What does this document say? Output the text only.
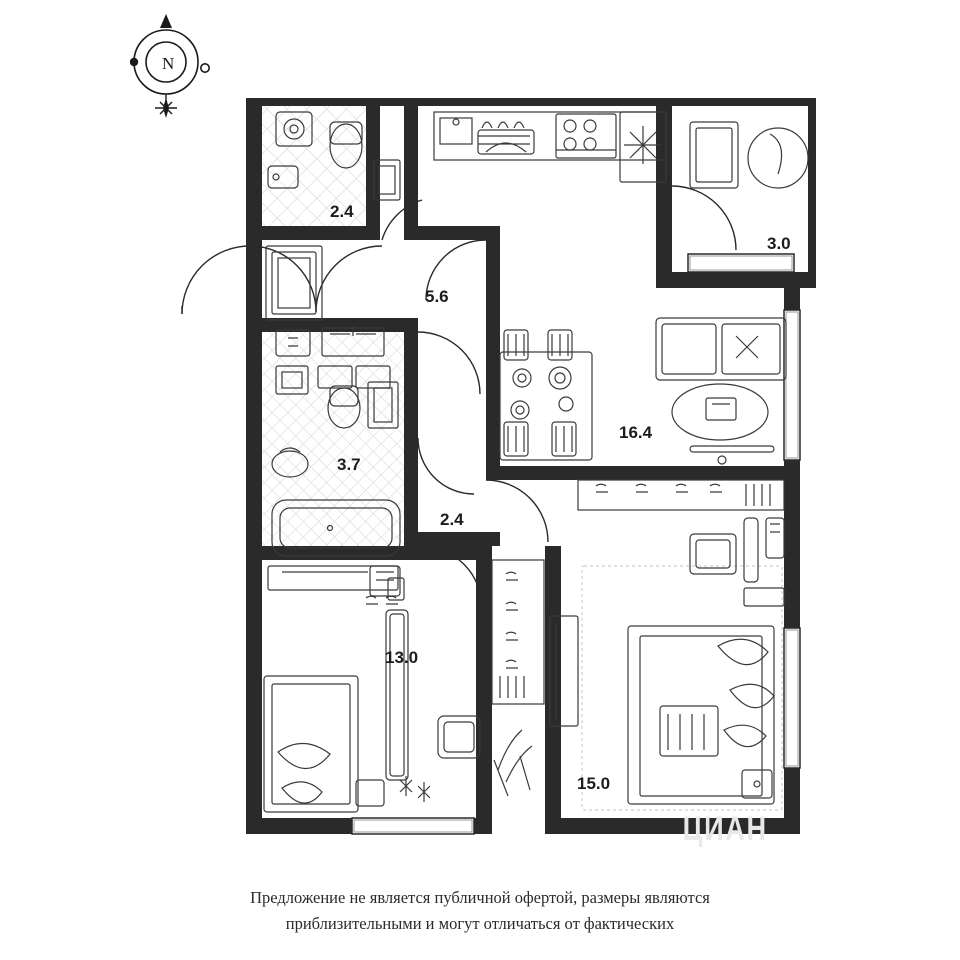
N
2.4
5.6
3.0
16.4
3.7
2.4
13.0
15.0
ЦИАН
Предложение не является публичной офертой, размеры являются
приблизительными и могут отличаться от фактических
